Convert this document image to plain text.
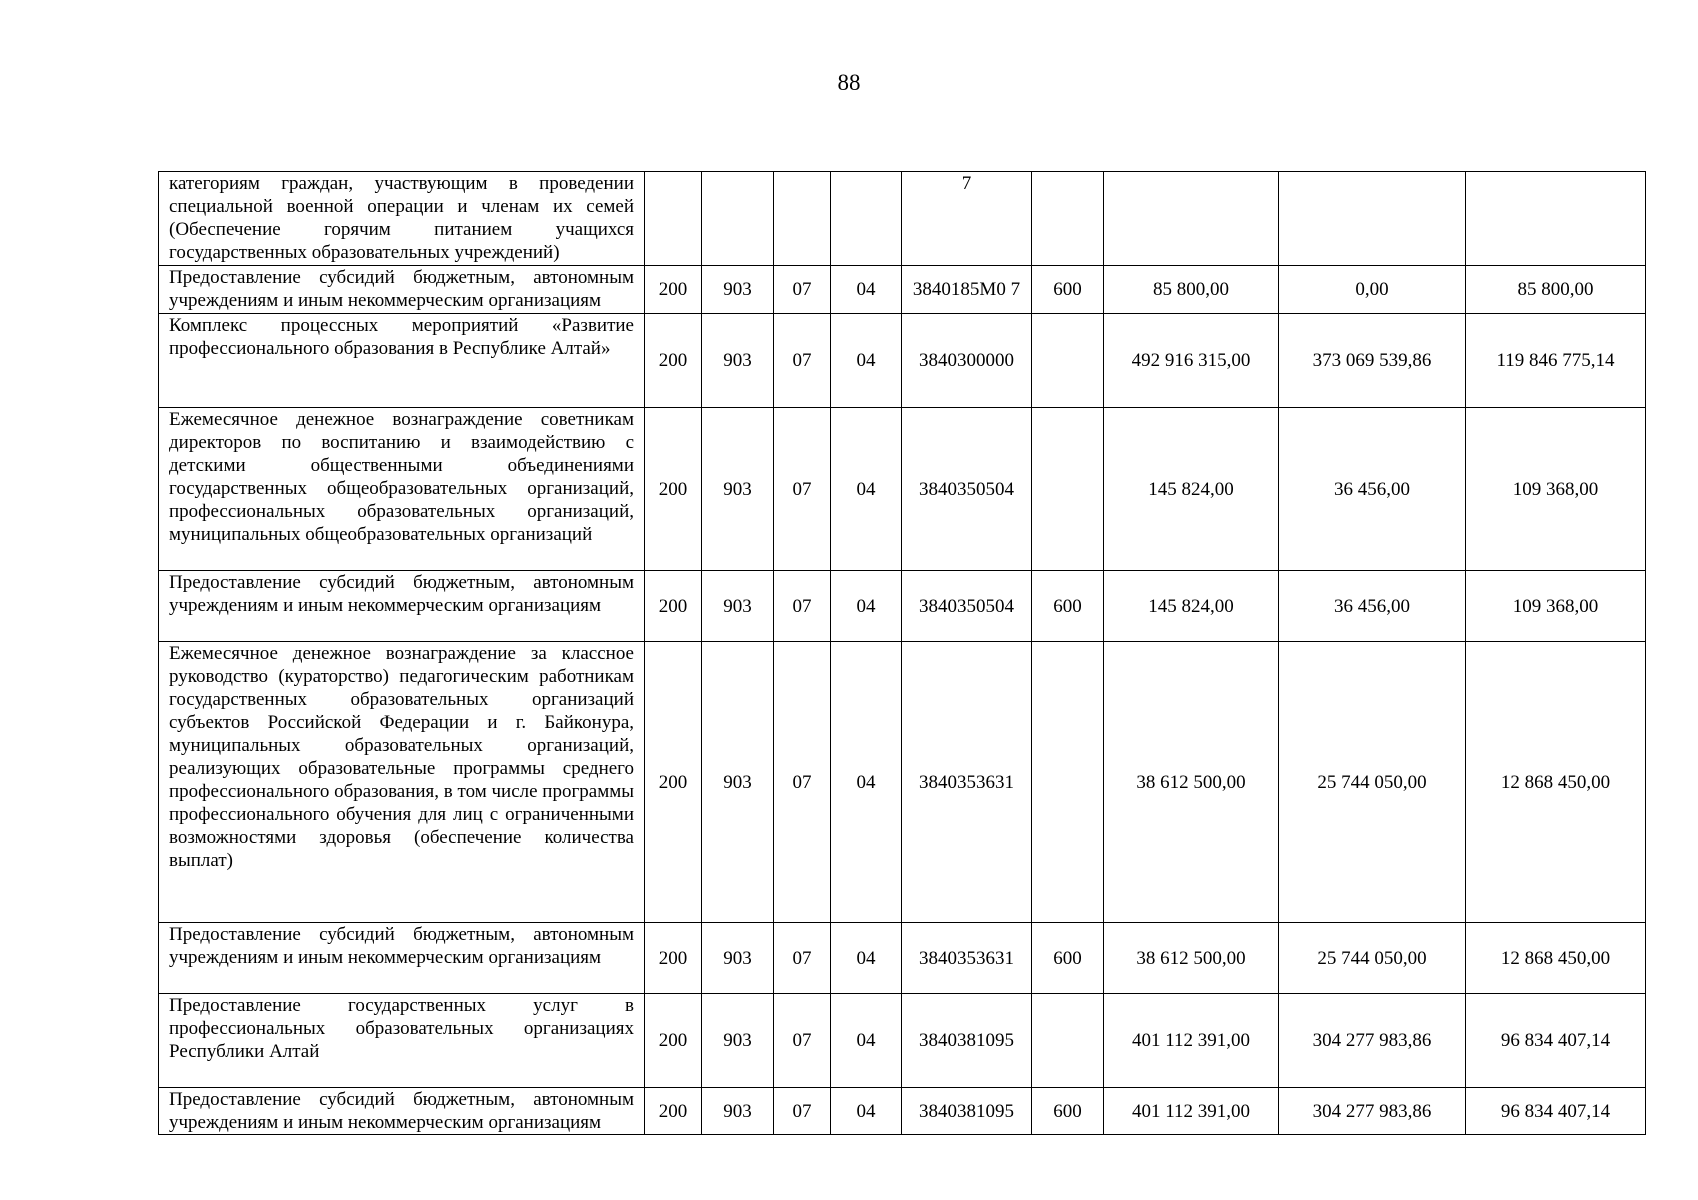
88
категориям граждан, участвующим в проведении специальной военной операции и членам их семей (Обеспечение горячим питанием учащихся государственных образовательных учреждений)					7				
Предоставление субсидий бюджетным, автономным учреждениям и иным некоммерческим организациям	200	903	07	04	3840185М0 7	600	85 800,00	0,00	85 800,00
Комплекс процессных мероприятий «Развитие профессионального образования в Республике Алтай»	200	903	07	04	3840300000		492 916 315,00	373 069 539,86	119 846 775,14
Ежемесячное денежное вознаграждение советникам директоров по воспитанию и взаимодействию с детскими общественными объединениями государственных общеобразовательных организаций, профессиональных образовательных организаций, муниципальных общеобразовательных организаций	200	903	07	04	3840350504		145 824,00	36 456,00	109 368,00
Предоставление субсидий бюджетным, автономным учреждениям и иным некоммерческим организациям	200	903	07	04	3840350504	600	145 824,00	36 456,00	109 368,00
Ежемесячное денежное вознаграждение за классное руководство (кураторство) педагогическим работникам государственных образовательных организаций субъектов Российской Федерации и г. Байконура, муниципальных образовательных организаций, реализующих образовательные программы среднего профессионального образования, в том числе программы профессионального обучения для лиц с ограниченными возможностями здоровья (обеспечение количества выплат)	200	903	07	04	3840353631		38 612 500,00	25 744 050,00	12 868 450,00
Предоставление субсидий бюджетным, автономным учреждениям и иным некоммерческим организациям	200	903	07	04	3840353631	600	38 612 500,00	25 744 050,00	12 868 450,00
Предоставление государственных услуг в профессиональных образовательных организациях Республики Алтай	200	903	07	04	3840381095		401 112 391,00	304 277 983,86	96 834 407,14
Предоставление субсидий бюджетным, автономным учреждениям и иным некоммерческим организациям	200	903	07	04	3840381095	600	401 112 391,00	304 277 983,86	96 834 407,14
